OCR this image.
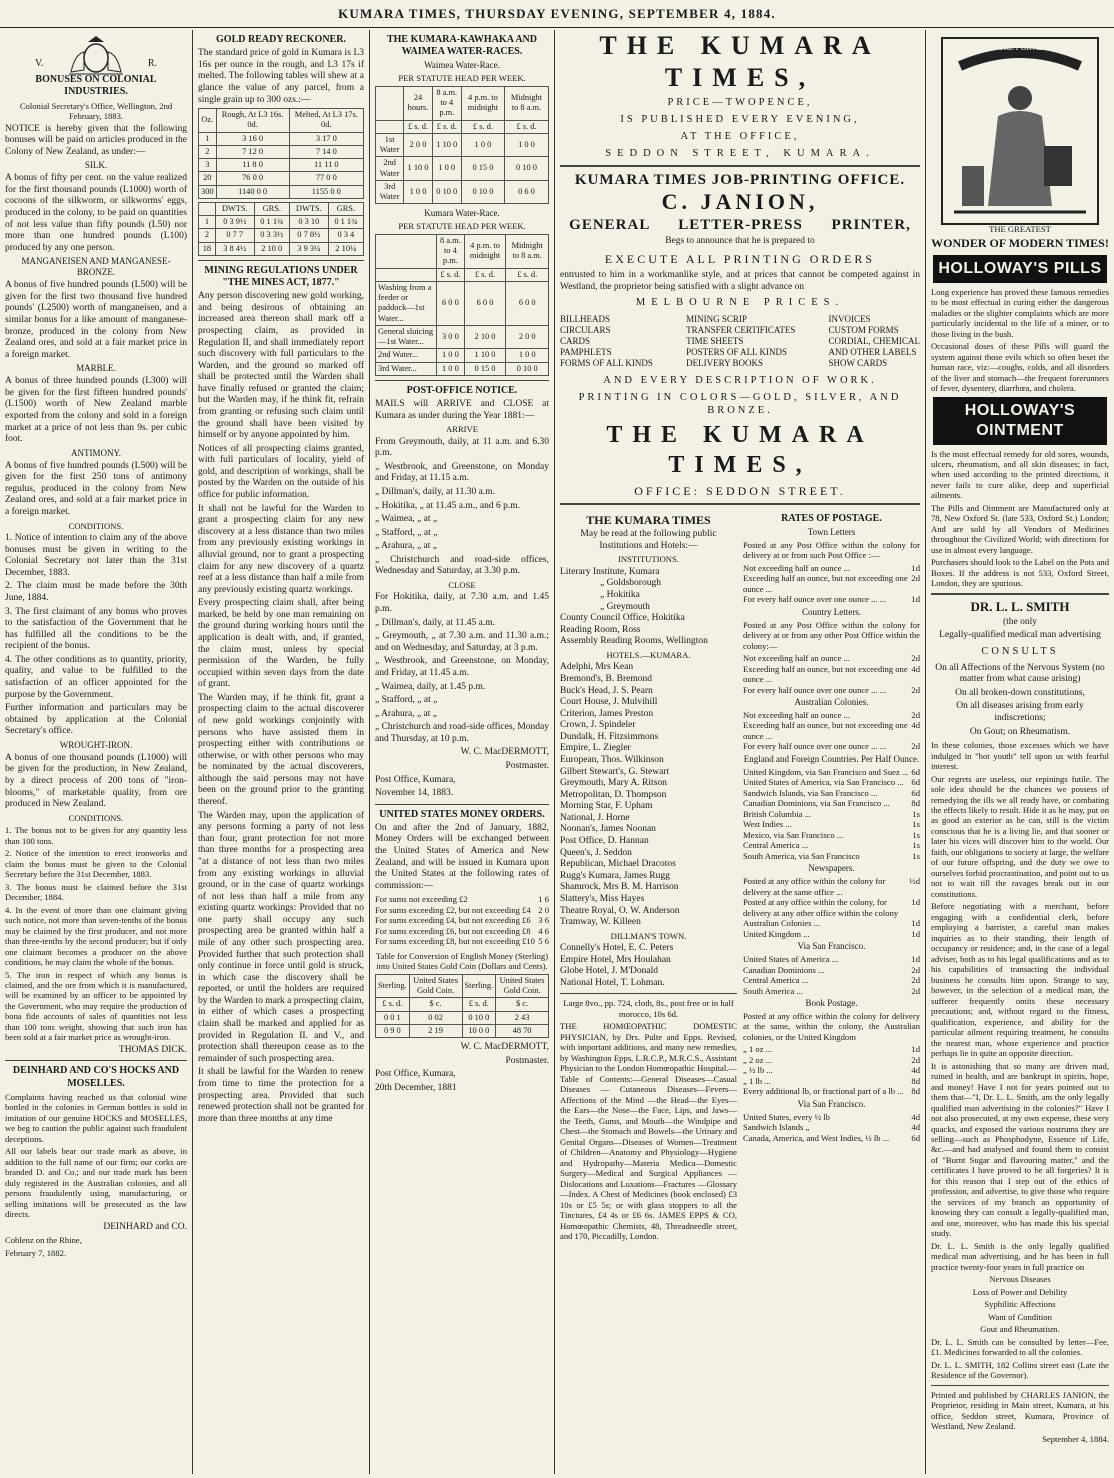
KUMARA TIMES, THURSDAY EVENING, SEPTEMBER 4, 1884.
V.	R.
BONUSES ON COLONIAL INDUSTRIES.

Colonial Secretary's Office, Wellington, 2nd February, 1883.

NOTICE is hereby given that the following bonuses will be paid on articles produced in the Colony of New Zealand, as under:—

SILK.

A bonus of fifty per cent. on the value realized for the first thousand pounds (L1000) worth of cocoons of the silkworm, or silkworms' eggs, produced in the colony, to be paid on quantities of not less value than fifty pounds (L50) nor more than one hundred pounds (L100) produced by any one person.

MANGANEISEN AND MANGANESE-BRONZE.

A bonus of five hundred pounds (L500) will be given for the first two thousand five hundred pounds' (L2500) worth of manganeisen, and a similar bonus for a like amount of manganese-bronze, produced in the colony from New Zealand ores, and sold at a fair market price in a foreign market.

MARBLE.

A bonus of three hundred pounds (L300) will be given for the first fifteen hundred pounds' (L1500) worth of New Zealand marble exported from the colony and sold in a foreign market at a price of not less than 9s. per cubic foot.

ANTIMONY.

A bonus of five hundred pounds (L500) will be given for the first 250 tons of antimony regulus, produced in the colony from New Zealand ores, and sold at a fair market price in a foreign market.

CONDITIONS.

1. Notice of intention to claim any of the above bonuses must be given in writing to the Colonial Secretary not later than the 31st December, 1883.

2. The claim must be made before the 30th June, 1884.

3. The first claimant of any bonus who proves to the satisfaction of the Government that he has fulfilled all the conditions to be the recipient of the bonus.

4. The other conditions as to quantity, priority, quality, and value to be fulfilled to the satisfaction of an officer appointed for the purpose by the Government.

Further information and particulars may be obtained by application at the Colonial Secretary's office.

WROUGHT-IRON.

A bonus of one thousand pounds (L1000) will be given for the production, in New Zealand, by a direct process of 200 tons of "iron-blooms," of marketable quality, from ore produced in New Zealand.

CONDITIONS.

1. The bonus not to be given for any quantity less than 100 tons.

2. Notice of the intention to erect ironworks and claim the bonus must be given to the Colonial Secretary before the 31st December, 1883.

3. The bonus must be claimed before the 31st December, 1884.

4. In the event of more than one claimant giving such notice, not more than seven-tenths of the bonus may be claimed by the first producer, and not more than three-tenths by the second producer; but if only one claimant becomes a producer on the above conditions, he may claim the whole of the bonus.

5. The iron in respect of which any bonus is claimed, and the ore from which it is manufactured, will be examined by an officer to be appointed by the Government, who may require the production of bona fide accounts of sales of quantities not less than 100 tons weight, showing that such iron has been sold at a fair market price as wrought-iron.

THOMAS DICK.

DEINHARD AND CO'S HOCKS AND MOSELLES.

Complaints having reached us that colonial wine bottled in the colonies in German bottles is sold in imitation of our genuine HOCKS and MOSELLES, we beg to caution the public against such fraudulent deceptions.

All our labels bear our trade mark as above, in addition to the full name of our firm; our corks are branded D. and Co.; and our trade mark has been duly registered in the Australian colonies, and all persons fraudulently using, manufacturing, or selling imitations will be prosecuted as the law directs.

DEINHARD and CO.

Coblenz on the Rhine,

February 7, 1882.

GOLD READY RECKONER.

The standard price of gold in Kumara is L3 16s per ounce in the rough, and L3 17s if melted. The following tables will shew at a glance the value of any parcel, from a single grain up to 300 ozs.:—

Oz.	Rough, At L3 16s. 0d.	Melted, At L3 17s. 0d.
1	3 16 0	3 17 0
2	7 12 0	7 14 0
3	11 8 0	11 11 0
20	76 0 0	77 0 0
300	1140 0 0	1155 0 0
	DWTS.	GRS.	DWTS.	GRS.
1	0 3 9½	0 1 1¾	0 3 10	0 1 1¾
2	0 7 7	0 3 3½	0 7 8½	0 3 4
18	3 8 4½	2 10 0	3 9 3¼	2 10¼
MINING REGULATIONS UNDER "THE MINES ACT, 1877."

Any person discovering new gold working, and being desirous of obtaining an increased area thereon shall mark off a prospecting claim, as provided in Regulation II, and shall immediately report such discovery with full particulars to the Warden, and the ground so marked off shall be protected until the Warden shall have finally refused or granted the claim; but the Warden may, if he think fit, refrain from granting or refusing such claim until the ground shall have been visited by himself or by anyone appointed by him.

Notices of all prospecting claims granted, with full particulars of locality, yield of gold, and description of workings, shall be posted by the Warden on the outside of his office for public information.

It shall not be lawful for the Warden to grant a prospecting claim for any new discovery at a less distance than two miles from any previously existing workings in alluvial ground, nor to grant a prospecting claim for any new discovery of a quartz reef at a less distance than half a mile from any previously existing quartz workings.

Every prospecting claim shall, after being marked, be held by one man remaining on the ground during working hours until the application is dealt with, and, if granted, the claim must, unless by special permission of the Warden, be fully occupied within seven days from the date of grant.

The Warden may, if he think fit, grant a prospecting claim to the actual discoverer of new gold workings conjointly with persons who have assisted them in prospecting either with contributions or otherwise, or with other persons who may be nominated by the actual discoverers, although the said persons may not have been on the ground prior to the granting thereof.

The Warden may, upon the application of any persons forming a party of not less than four, grant protection for not more than three months for a prospecting area "at a distance of not less than two miles from any existing workings in alluvial ground, or in the case of quartz workings of not less than half a mile from any existing quartz workings: Provided that no one party shall occupy any such prospecting area be granted within half a mile of any other such prospecting area. Provided further that such protection shall only continue in force until gold is struck, in which case the discovery shall be reported, or until the holders are required by the Warden to mark a prospecting claim, in either of which cases a prospecting claim shall be marked and applied for as provided in Regulation II. and V., and protection shall thereupon cease as to the remainder of such prospecting area.

It shall be lawful for the Warden to renew from time to time the protection for a prospecting area. Provided that such renewed protection shall not be granted for more than three months at any time

THE KUMARA-KAWHAKA AND WAIMEA WATER-RACES.
Waimea Water-Race.
PER STATUTE HEAD PER WEEK.
	24 hours.	8 a.m. to 4 p.m.	4 p.m. to midnight	Midnight to 8 a.m.
	£ s. d.	£ s. d.	£ s. d.	£ s. d.
1st Water	2 0 0	1 10 0	1 0 0	1 0 0
2nd Water	1 10 0	1 0 0	0 15 0	0 10 0
3rd Water	1 0 0	0 10 0	0 10 0	0 6 0
Kumara Water-Race.
PER STATUTE HEAD PER WEEK.
	8 a.m. to 4 p.m.	4 p.m. to midnight	Midnight to 8 a.m.
	£ s. d.	£ s. d.	£ s. d.
Washing from a feeder or paddock—1st Water...	6 0 0	6 0 0	6 0 0
General sluicing—1st Water...	3 0 0	2 10 0	2 0 0
2nd Water...	1 0 0	1 10 0	1 0 0
3rd Water...	1 0 0	0 15 0	0 10 0
POST-OFFICE NOTICE.

MAILS will ARRIVE and CLOSE at Kumara as under during the Year 1881:—

ARRIVE

From Greymouth, daily, at 11 a.m. and 6.30 p.m.

„ Westbrook, and Greenstone, on Monday and Friday, at 11.15 a.m.

„ Dillman's, daily, at 11.30 a.m.

„ Hokitika, „ at 11.45 a.m., and 6 p.m.

„ Waimea, „ at „

„ Stafford, „ at „

„ Arahura, „ at „

„ Christchurch and road-side offices, Wednesday and Saturday, at 3.30 p.m.

CLOSE

For Hokitika, daily, at 7.30 a.m. and 1.45 p.m.

„ Dillman's, daily, at 11.45 a.m.

„ Greymouth, „ at 7.30 a.m. and 11.30 a.m.; and on Wednesday, and Saturday, at 3 p.m.

„ Westbrook, and Greenstone, on Monday, and Friday, at 11.45 a.m.

„ Waimea, daily, at 1.45 p.m.

„ Stafford, „ at „

„ Arahura, „ at „

„ Christchurch and road-side offices, Monday and Thursday, at 10 p.m.

W. C. MacDERMOTT,

Postmaster.

Post Office, Kumara,

November 14, 1883.

UNITED STATES MONEY ORDERS.

On and after the 2nd of January, 1882, Money Orders will be exchanged between the United States of America and New Zealand, and will be issued in Kumara upon the United States at the following rates of commission:—

For sums not exceeding £2	1 6
For sums exceeding £2, but not exceeding £4 2 0
For sums exceeding £4, but not exceeding £6 3 6
For sums exceeding £6, but not exceeding £8 4 6
For sums exceeding £8, but not exceeding £10 5 6

Table for Conversion of English Money (Sterling) into United States Gold Coin (Dollars and Cents).

Sterling.	United States Gold Coin.	Sterling.	United States Gold Coin.
£ s. d.	$ c.	£ s. d.	$ c.
0 0 1	0 02	0 10 0	2 43
0 9 0	2 19	10 0 0	48 70

W. C. MacDERMOTT,

Postmaster.

Post Office, Kumara,

20th December, 1881

THE KUMARA TIMES,
PRICE—TWOPENCE,
IS PUBLISHED EVERY EVENING,
AT THE OFFICE,
SEDDON STREET, KUMARA.
KUMARA TIMES JOB-PRINTING OFFICE.
C. JANION,
GENERAL LETTER-PRESS PRINTER,

Begs to announce that he is prepared to

EXECUTE ALL PRINTING ORDERS

entrusted to him in a workmanlike style, and at prices that cannot be competed against in Westland, the proprietor being satisfied with a slight advance on

MELBOURNE PRICES.
BILLHEADS
CIRCULARS
CARDS
PAMPHLETS
FORMS OF ALL KINDS
MINING SCRIP
TRANSFER CERTIFICATES
TIME SHEETS
POSTERS OF ALL KINDS
DELIVERY BOOKS
INVOICES
CUSTOM FORMS
CORDIAL, CHEMICAL
AND OTHER LABELS
SHOW CARDS
AND EVERY DESCRIPTION OF WORK.
PRINTING IN COLORS—GOLD, SILVER, AND BRONZE.
THE KUMARA TIMES,
OFFICE: SEDDON STREET.
THE KUMARA TIMES

May be read at the following public Institutions and Hotels:—

INSTITUTIONS.
Literary Institute, Kumara
„ Goldsborough
„ Hokitika
„ Greymouth
County Council Office, Hokitika
Reading Room, Ross
Assembly Reading Rooms, Wellington
HOTELS.—KUMARA.
Adelphi, Mrs Kean
Bremond's, B. Bremond
Buck's Head, J. S. Pearn
Court House, J. Mulvihill
Criterion, James Preston
Crown, J. Spindeler
Dundalk, H. Fitzsimmons
Empire, L. Ziegler
European, Thos. Wilkinson
Gilbert Stewart's, G. Stewart
Greymouth, Mary A. Ritson
Metropolitan, D. Thompson
Morning Star, F. Upham
National, J. Horne
Noonan's, James Noonan
Post Office, D. Hannan
Queen's, J. Seddon
Republican, Michael Dracotos
Rugg's Kumara, James Rugg
Shamrock, Mrs B. M. Harrison
Slattery's, Miss Hayes
Theatre Royal, O. W. Anderson
Tramway, W. Killeen
DILLMAN'S TOWN.
Connelly's Hotel, E. C. Peters
Empire Hotel, Mrs Houlahan
Globe Hotel, J. M'Donald
National Hotel, T. Lohman.

Large 8vo., pp. 724, cloth, 8s., post free or in half morocco, 10s 6d.

THE HOMŒOPATHIC DOMESTIC PHYSICIAN, by Drs. Pulte and Epps. Revised, with important additions, and many new remedies, by Washington Epps, L.R.C.P., M.R.C.S., Assistant Physician to the London Homœopathic Hospital.—Table of Contents:—General Diseases—Casual Diseases — Cutaneous Diseases—Fevers—Affections of the Mind —the Head—the Eyes—the Ears—the Nose—the Face, Lips, and Jaws—the Teeth, Gums, and Mouth—the Windpipe and Chest—the Stomach and Bowels—the Urinary and Genital Organs—Diseases of Women—Treatment of Children—Anatomy and Physiology—Hygiene and Hydropathy—Materia Medica—Domestic Surgery—Medical and Surgical Appliances —Dislocations and Luxations—Fractures —Glossary—Index. A Chest of Medicines (book enclosed) £3 10s or £5 5s; or with glass stoppers to all the Tinctures, £4 4s or £6 6s. JAMES EPPS & CO, Homœopathic Chemists, 48, Threadneedle street, and 170, Piccadilly, London.

RATES OF POSTAGE.
Town Letters

Posted at any Post Office within the colony for delivery at or from such Post Office :—

Not exceeding half an ounce ...	1d
Exceeding half an ounce, but not exceeding one ounce ...
2d
For every half ounce over one ounce ... ...	1d
Country Letters.

Posted at any Post Office within the colony for delivery at or from any other Post Office within the colony:—

Not exceeding half an ounce ...	2d
Exceeding half an ounce, but not exceeding one ounce ...
4d
For every half ounce over one ounce ... ...	2d
Australian Colonies.
Not exceeding half an ounce ...	2d
Exceeding half an ounce, but not exceeding one ounce ...
4d
For every half ounce over one ounce ... ...	2d
England and Foreign Countries. Per Half Ounce.
United Kingdom, via San Francisco and Suez ... 6d
United States of America, via San Francisco ... 6d
Sandwich Islands, via San Francisco ...	6d
Canadian Dominions, via San Francisco ...	8d
British Columbia ...	1s
West Indies ...	1s
Mexico, via San Francisco ...	1s
Central America ...	1s
South America, via San Francisco	1s
Newspapers.
Posted at any office within the colony for delivery at the same office ...
½d
Posted at any office within the colony, for delivery at any other office within the colony
1d
Australian Colonies ...	1d
United Kingdom ...	1d
Via San Francisco.
United States of America ...	1d
Canadian Dominions ...	2d
Central America ...	2d
South America ...	2d
Book Postage.

Posted at any office within the colony for delivery at the same, within the colony, the Australian colonies, or the United Kingdom

„ 1 oz ...	1d
„ 2 oz ...	2d
„ ½ lb ...	4d
„ 1 lb ...	8d
Every additional lb, or fractional part of a lb ... 8d
Via San Francisco.
United States, every ½ lb	4d
Sandwich Islands „	4d
Canada, America, and West Indies, ½ lb ...	6d
CURE FOR ALL
THE GREATEST
WONDER OF MODERN TIMES!
HOLLOWAY'S PILLS

Long experience has proved these famous remedies to be most effectual in curing either the dangerous maladies or the slighter complaints which are more particularly incidental to the life of a miner, or to those living in the bush.

Occasional doses of these Pills will guard the system against those evils which so often beset the human race, viz:—coughs, colds, and all disorders of the liver and stomach—the frequent forerunners of fever, dysentery, diarrhœa, and cholera.

HOLLOWAY'S OINTMENT

Is the most effectual remedy for old sores, wounds, ulcers, rheumatism, and all skin diseases; in fact, when used according to the printed directions, it never fails to cure alike, deep and superficial ailments.

The Pills and Ointment are Manufactured only at 78, New Oxford St. (late 533, Oxford St.) London; And are sold by all Vendors of Medicines throughout the Civilized World; with directions for use in almost every language.

Purchasers should look to the Label on the Pots and Boxes. If the address is not 533, Oxford Street, London, they are spurious.

DR. L. L. SMITH

(the only

Legally-qualified medical man advertising

CONSULTS

On all Affections of the Nervous System (no matter from what cause arising)

On all broken-down constitutions,

On all diseases arising from early indiscretions;

On Gout; on Rheumatism.

In these colonies, those excesses which we have indulged in "hot youth" tell upon us with fearful interest.

Our regrets are useless, our repinings futile. The sole idea should be the chances we possess of remedying the ills we all ready have, or combating the effects likely to result. Hide it as he may, put on as good an exterior as he can, still is the victim conscious that he is a living lie, and that sooner or later his vices will discover him to the world. Our faith, our obligations to society at large, the welfare of our future offspring, and the duty we owe to ourselves forbid procrastination, and point out to us not to wait till the ravages break out in our constitutions.

Before negotiating with a merchant, before engaging with a confidential clerk, before employing a barrister, a careful man makes inquiries as to their standing, their length of occupancy or residence; and, in the case of a legal adviser, both as to his legal qualifications and as to his capabilities of transacting the individual business he consults him upon. Strange to say, however, in the selection of a medical man, the sufferer frequently omits these necessary precautions; and, without regard to the fitness, qualification, experience, and ability for the particular ailment requiring treatment, he consults the nearest man, whose experience and practice perhaps lie in quite an opposite direction.

It is astonishing that so many are driven mad, ruined in health, and are bankrupt in spirits, hope, and money! Have I not for years pointed out to them that—"I, Dr. L. L. Smith, am the only legally qualified man advertising in the colonies?" Have I not also prosecuted, at my own expense, these very quacks, and exposed the various nostrums they are selling—such as Phosphodyne, Essence of Life, &c.—and had analysed and found them to consist of "Burnt Sugar and flavouring matter," and the certificates I have proved to be all forgeries? It is for this reason that I step out of the ethics of profession, and advertise, to give those who require the services of my branch an opportunity of knowing they can consult a legally-qualified man, and one, moreover, who has made this his special study.

Dr. L. L. Smith is the only legally qualified medical man advertising, and he has been in full practice twenty-four years in full practice on

Nervous Diseases

Loss of Power and Debility

Syphilitic Affections

Want of Condition

Gout and Rheumatism.

Dr. L. L. Smith can be consulted by letter—Fee, £1. Medicines forwarded to all the colonies.

Dr. L. L. SMITH, 182 Collins street east (Late the Residence of the Governor).

Printed and published by CHARLES JANION, the Proprietor, residing in Main street, Kumara, at his office, Seddon street, Kumara, Province of Westland, New Zealand.

September 4, 1884.
